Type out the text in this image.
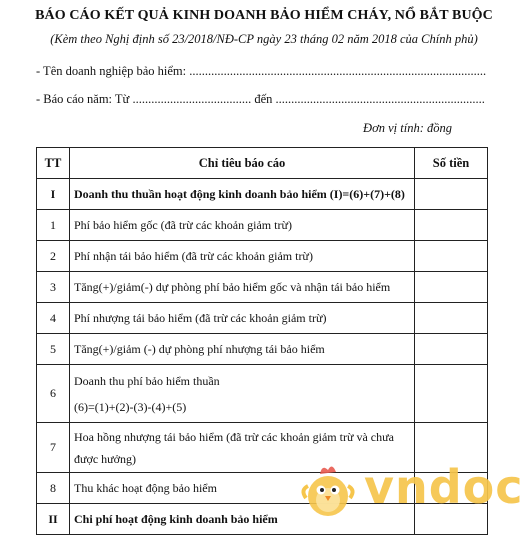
BÁO CÁO KẾT QUẢ KINH DOANH BẢO HIỂM CHÁY, NỔ BẮT BUỘC
(Kèm theo Nghị định số 23/2018/NĐ-CP ngày 23 tháng 02 năm 2018 của Chính phủ)
- Tên doanh nghiệp bảo hiểm: ...............................................................................................
- Báo cáo năm: Từ ...................................... đến ...................................................................
Đơn vị tính: đồng
TT	Chỉ tiêu báo cáo	Số tiền
I	Doanh thu thuần hoạt động kinh doanh bảo hiểm (I)=(6)+(7)+(8)	
1	Phí bảo hiểm gốc (đã trừ các khoản giảm trừ)	
2	Phí nhận tái bảo hiểm (đã trừ các khoản giảm trừ)	
3	Tăng(+)/giảm(-) dự phòng phí bảo hiểm gốc và nhận tái bảo hiểm	
4	Phí nhượng tái bảo hiểm (đã trừ các khoản giảm trừ)	
5	Tăng(+)/giảm (-) dự phòng phí nhượng tái bảo hiểm	
6	Doanh thu phí bảo hiểm thuần
(6)=(1)+(2)-(3)-(4)+(5)	

7	Hoa hồng nhượng tái bảo hiểm (đã trừ các khoản giảm trừ và chưa
được hưởng)	

8	Thu khác hoạt động bảo hiểm	
II	Chi phí hoạt động kinh doanh bảo hiểm	
vndoc
